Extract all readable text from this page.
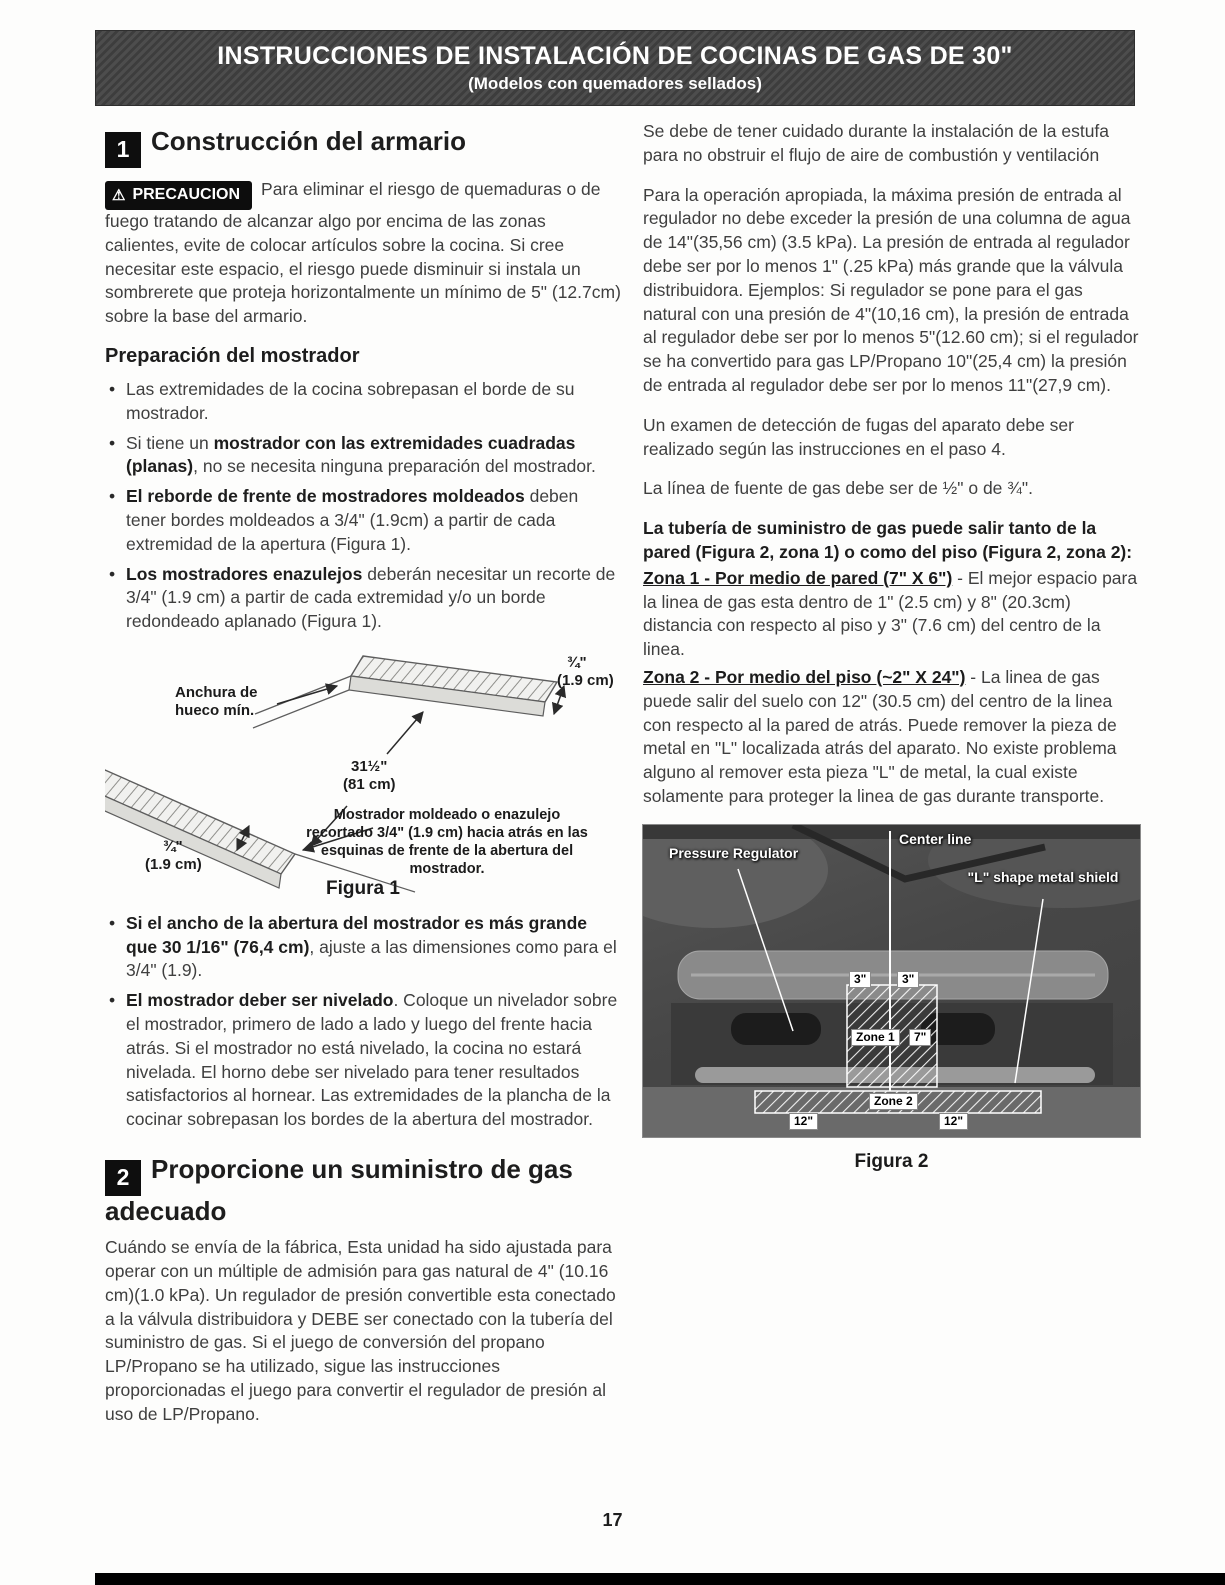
INSTRUCCIONES DE INSTALACIÓN DE COCINAS DE GAS DE 30"
(Modelos con quemadores sellados)
1 Construcción del armario

⚠ PRECAUCION Para eliminar el riesgo de quemaduras o de fuego tratando de alcanzar algo por encima de las zonas calientes, evite de colocar artículos sobre la cocina. Si cree necesitar este espacio, el riesgo puede disminuir si instala un sombrerete que proteja horizontalmente un mínimo de 5" (12.7cm) sobre la base del armario.

Preparación del mostrador
• Las extremidades de la cocina sobrepasan el borde de su mostrador.
• Si tiene un mostrador con las extremidades cuadradas (planas), no se necesita ninguna preparación del mostrador.
• El reborde de frente de mostradores moldeados deben tener bordes moldeados a 3/4" (1.9cm) a partir de cada extremidad de la apertura (Figura 1).
• Los mostradores enazulejos deberán necesitar un recorte de 3/4" (1.9 cm) a partir de cada extremidad y/o un borde redondeado aplanado (Figura 1).
Anchura de hueco mín.
¾"
(1.9 cm)
31½"
(81 cm)
Mostrador moldeado o enazulejo recortado 3/4" (1.9 cm) hacia atrás en las esquinas de frente de la abertura del mostrador.
¾"
(1.9 cm)
Figura 1
• Si el ancho de la abertura del mostrador es más grande que 30 1/16" (76,4 cm), ajuste a las dimensiones como para el 3/4" (1.9).
• El mostrador deber ser nivelado. Coloque un nivelador sobre el mostrador, primero de lado a lado y luego del frente hacia atrás. Si el mostrador no está nivelado, la cocina no estará nivelada. El horno debe ser nivelado para tener resultados satisfactorios al hornear. Las extremidades de la plancha de la cocinar sobrepasan los bordes de la abertura del mostrador.
2 Proporcione un suministro de gas adecuado

Cuándo se envía de la fábrica, Esta unidad ha sido ajustada para operar con un múltiple de admisión para gas natural de 4" (10.16 cm)(1.0 kPa). Un regulador de presión convertible esta conectado a la válvula distribuidora y DEBE ser conectado con la tubería del suministro de gas. Si el juego de conversión del propano LP/Propano se ha utilizado, sigue las instrucciones proporcionadas el juego para convertir el regulador de presión al uso de LP/Propano.

Se debe de tener cuidado durante la instalación de la estufa para no obstruir el flujo de aire de combustión y ventilación

Para la operación apropiada, la máxima presión de entrada al regulador no debe exceder la presión de una columna de agua de 14"(35,56 cm) (3.5 kPa). La presión de entrada al regulador debe ser por lo menos 1" (.25 kPa) más grande que la válvula distribuidora. Ejemplos: Si regulador se pone para el gas natural con una presión de 4"(10,16 cm), la presión de entrada al regulador debe ser por lo menos 5"(12.60 cm); si el regulador se ha convertido para gas LP/Propano 10"(25,4 cm) la presión de entrada al regulador debe ser por lo menos 11"(27,9 cm).

Un examen de detección de fugas del aparato debe ser realizado según las instrucciones en el paso 4.

La línea de fuente de gas debe ser de ½" o de ¾".

La tubería de suministro de gas puede salir tanto de la pared (Figura 2, zona 1) o como del piso (Figura 2, zona 2):

Zona 1 - Por medio de pared (7" X 6") - El mejor espacio para la linea de gas esta dentro de 1" (2.5 cm) y 8" (20.3cm) distancia con respecto al piso y 3" (7.6 cm) del centro de la linea.

Zona 2 - Por medio del piso (~2" X 24") - La linea de gas puede salir del suelo con 12" (30.5 cm) del centro de la linea con respecto al la pared de atrás. Puede remover la pieza de metal en "L" localizada atrás del aparato. No existe problema alguno al remover esta pieza "L" de metal, la cual existe solamente para proteger la linea de gas durante transporte.

Pressure Regulator
Center line
"L" shape metal shield
3"	3"
Zone 1	7"
Zone 2
12"	12"
Figura 2
17
